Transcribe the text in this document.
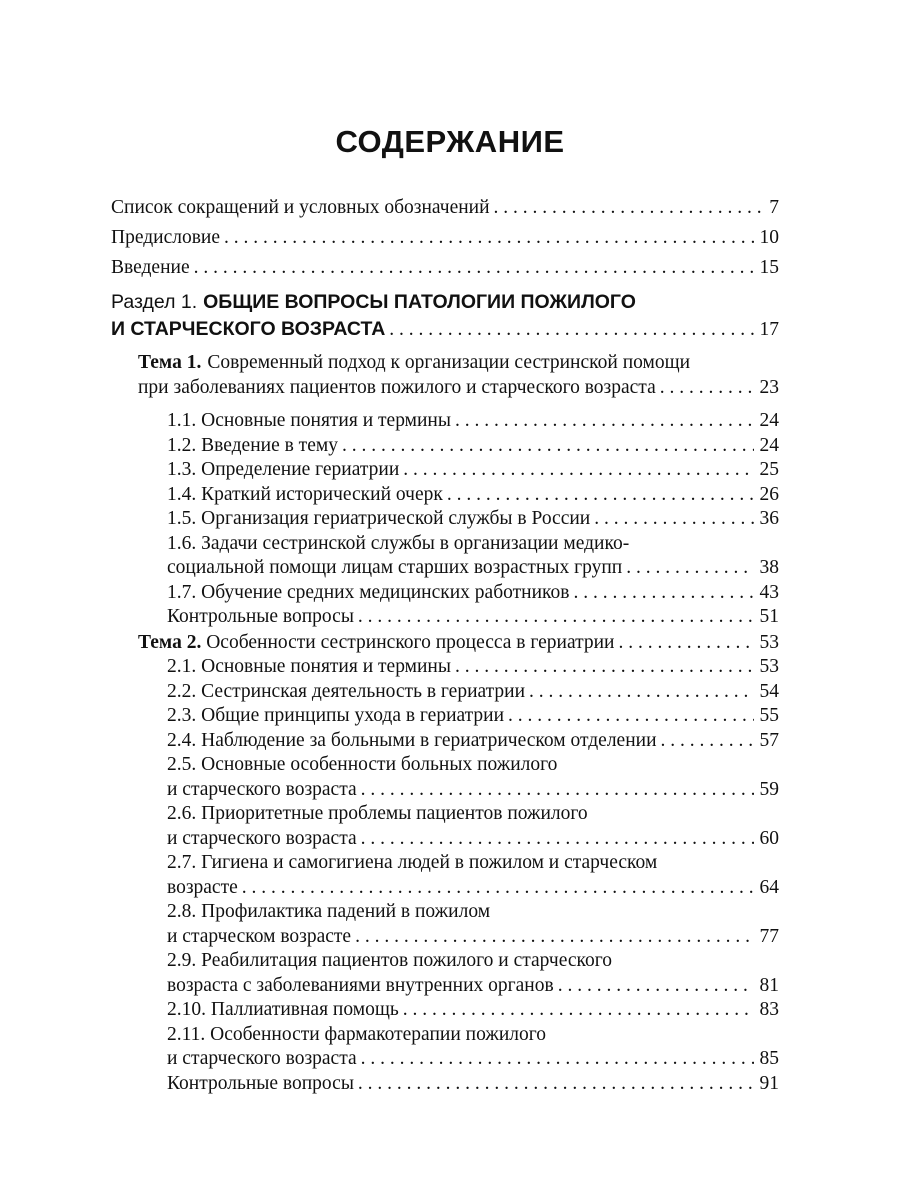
СОДЕРЖАНИЕ
Список сокращений и условных обозначений . . .	7
Предисловие . . .	10
Введение . . .	15
Раздел 1. ОБЩИЕ ВОПРОСЫ ПАТОЛОГИИ ПОЖИЛОГО
И СТАРЧЕСКОГО ВОЗРАСТА . . .	17
Тема 1. Современный подход к организации сестринской помощи
при заболеваниях пациентов пожилого и старческого возраста . . .	23
1.1. Основные понятия и термины . . .	24
1.2. Введение в тему . . .	24
1.3. Определение гериатрии . . .	25
1.4. Краткий исторический очерк . . .	26
1.5. Организация гериатрической службы в России . . .	36
1.6. Задачи сестринской службы в организации медико-
социальной помощи лицам старших возрастных групп . . .	38
1.7. Обучение средних медицинских работников . . .	43
Контрольные вопросы . . .	51
Тема 2. Особенности сестринского процесса в гериатрии . . .	53
2.1. Основные понятия и термины . . .	53
2.2. Сестринская деятельность в гериатрии . . .	54
2.3. Общие принципы ухода в гериатрии . . .	55
2.4. Наблюдение за больными в гериатрическом отделении . . .	57
2.5. Основные особенности больных пожилого
и старческого возраста . . .	59
2.6. Приоритетные проблемы пациентов пожилого
и старческого возраста . . .	60
2.7. Гигиена и самогигиена людей в пожилом и старческом
возрасте . . .	64
2.8. Профилактика падений в пожилом
и старческом возрасте . . .	77
2.9. Реабилитация пациентов пожилого и старческого
возраста с заболеваниями внутренних органов . . .	81
2.10. Паллиативная помощь . . .	83
2.11. Особенности фармакотерапии пожилого
и старческого возраста . . .	85
Контрольные вопросы . . .	91
